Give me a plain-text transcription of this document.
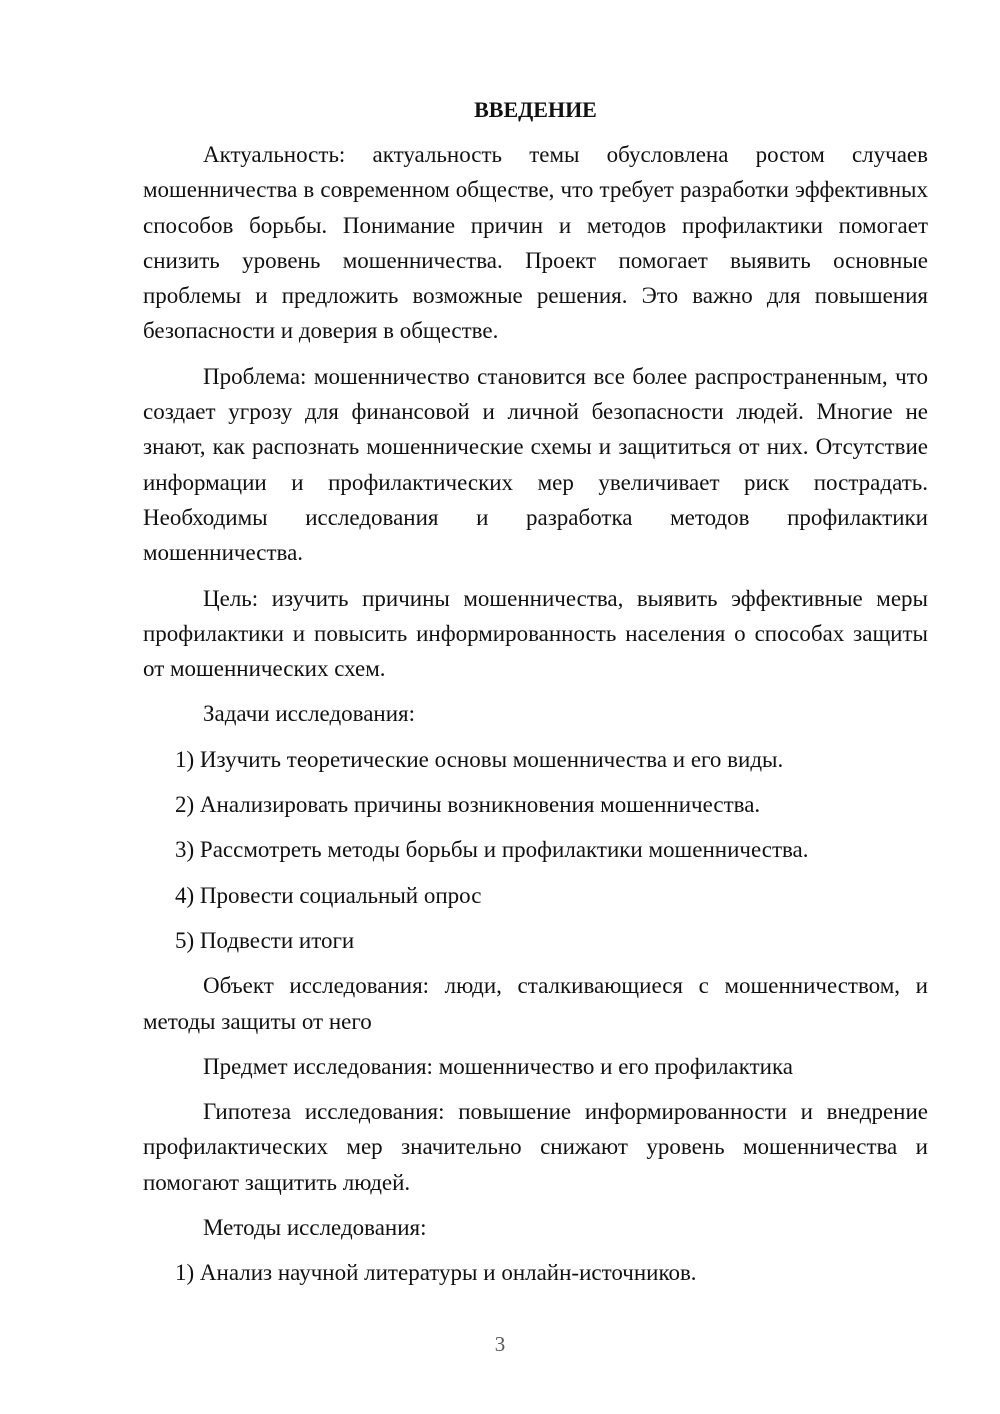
ВВЕДЕНИЕ

Актуальность: актуальность темы обусловлена ростом случаев мошенничества в современном обществе, что требует разработки эффективных способов борьбы. Понимание причин и методов профилактики помогает снизить уровень мошенничества. Проект помогает выявить основные проблемы и предложить возможные решения. Это важно для повышения безопасности и доверия в обществе.

Проблема: мошенничество становится все более распространенным, что создает угрозу для финансовой и личной безопасности людей. Многие не знают, как распознать мошеннические схемы и защититься от них. Отсутствие информации и профилактических мер увеличивает риск пострадать. Необходимы исследования и разработка методов профилактики мошенничества.

Цель: изучить причины мошенничества, выявить эффективные меры профилактики и повысить информированность населения о способах защиты от мошеннических схем.

Задачи исследования:

1) Изучить теоретические основы мошенничества и его виды.

2) Анализировать причины возникновения мошенничества.

3) Рассмотреть методы борьбы и профилактики мошенничества.

4) Провести социальный опрос

5) Подвести итоги

Объект исследования: люди, сталкивающиеся с мошенничеством, и методы защиты от него

Предмет исследования: мошенничество и его профилактика

Гипотеза исследования: повышение информированности и внедрение профилактических мер значительно снижают уровень мошенничества и помогают защитить людей.

Методы исследования:

1) Анализ научной литературы и онлайн-источников.

3
